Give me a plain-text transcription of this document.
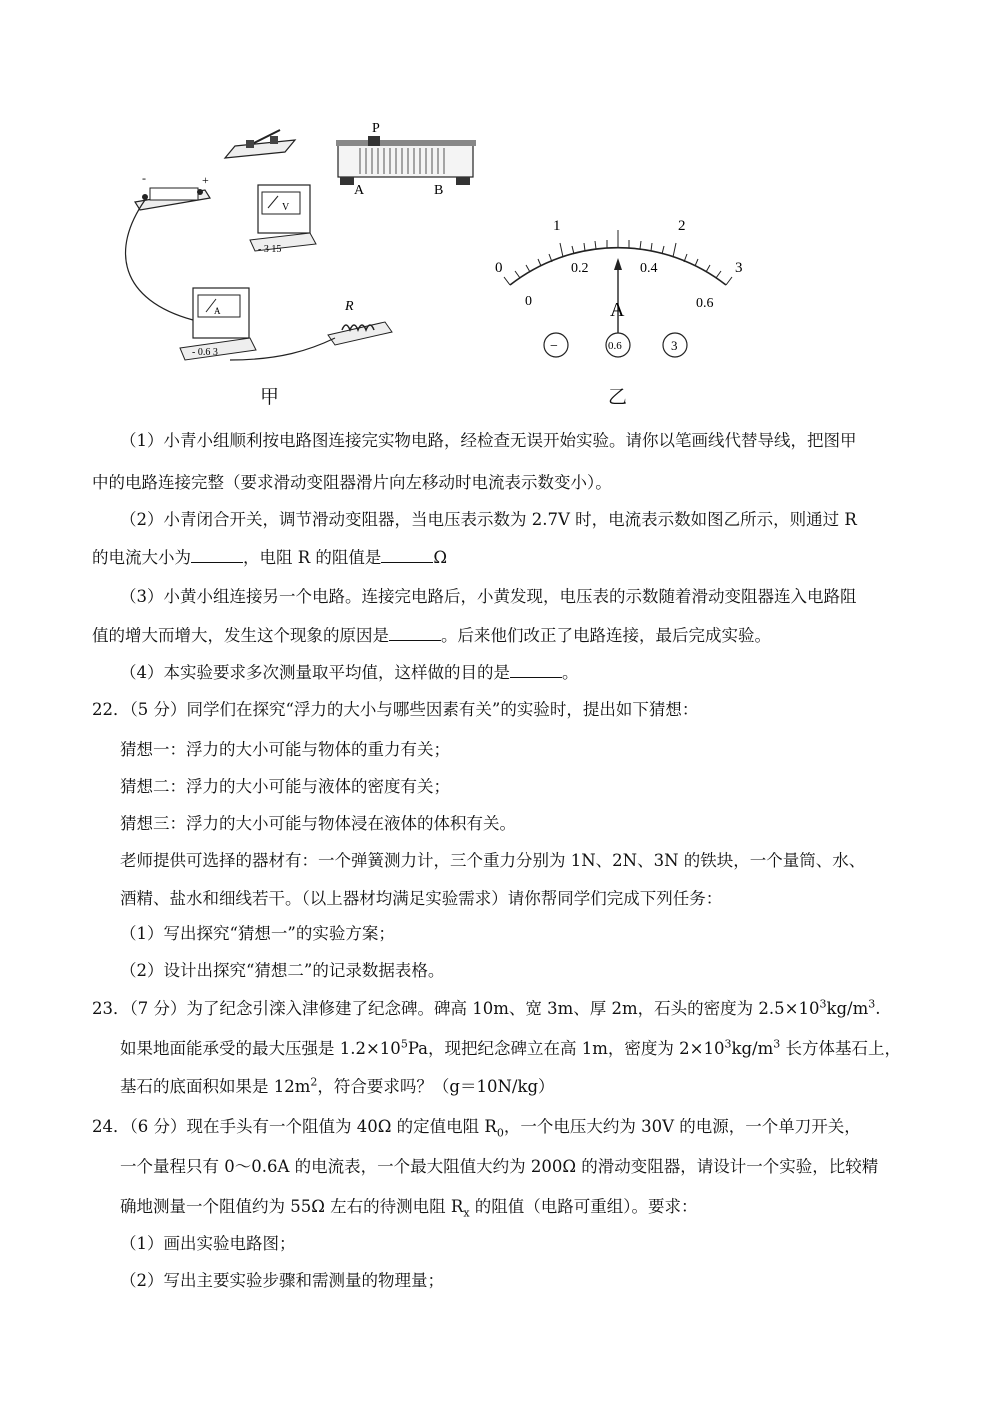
-	+
V
- 3 15
P
A	B
A
- 0.6 3
R
0
1	2
3
0
0.2	0.4
0.6
A
−	0.6	3
甲	乙
（1）小青小组顺利按电路图连接完实物电路，经检查无误开始实验。请你以笔画线代替导线，把图甲
中的电路连接完整（要求滑动变阻器滑片向左移动时电流表示数变小）。
（2）小青闭合开关，调节滑动变阻器，当电压表示数为 2.7V 时，电流表示数如图乙所示，则通过 R
的电流大小为	，电阻 R 的阻值是	Ω
（3）小黄小组连接另一个电路。连接完电路后，小黄发现，电压表的示数随着滑动变阻器连入电路阻
值的增大而增大，发生这个现象的原因是	。后来他们改正了电路连接，最后完成实验。
（4）本实验要求多次测量取平均值，这样做的目的是	。
22．（5 分）同学们在探究“浮力的大小与哪些因素有关”的实验时，提出如下猜想：
猜想一：浮力的大小可能与物体的重力有关；
猜想二：浮力的大小可能与液体的密度有关；
猜想三：浮力的大小可能与物体浸在液体的体积有关。
老师提供可选择的器材有：一个弹簧测力计，三个重力分别为 1N、2N、3N 的铁块，一个量筒、水、
酒精、盐水和细线若干。（以上器材均满足实验需求）请你帮同学们完成下列任务：
（1）写出探究“猜想一”的实验方案；
（2）设计出探究“猜想二”的记录数据表格。
23．（7 分）为了纪念引滦入津修建了纪念碑。碑高 10m、宽 3m、厚 2m，石头的密度为 $2.5\times 10^3kg/m^3$.
如果地面能承受的最大压强是 $1.2\times 10^5Pa$，现把纪念碑立在高 1m，密度为 $2\times 10^3kg/m^3$ 长方体基石上，
基石的底面积如果是 $12m^2$，符合要求吗？（g＝10N/kg）
24．（6 分）现在手头有一个阻值为 40Ω 的定值电阻 $R_0$，一个电压大约为 30V 的电源，一个单刀开关，
一个量程只有 0～0.6A 的电流表，一个最大阻值大约为 200Ω 的滑动变阻器，请设计一个实验，比较精
确地测量一个阻值约为 55Ω 左右的待测电阻 $R_x$ 的阻值（电路可重组）。要求：
（1）画出实验电路图；
（2）写出主要实验步骤和需测量的物理量；
